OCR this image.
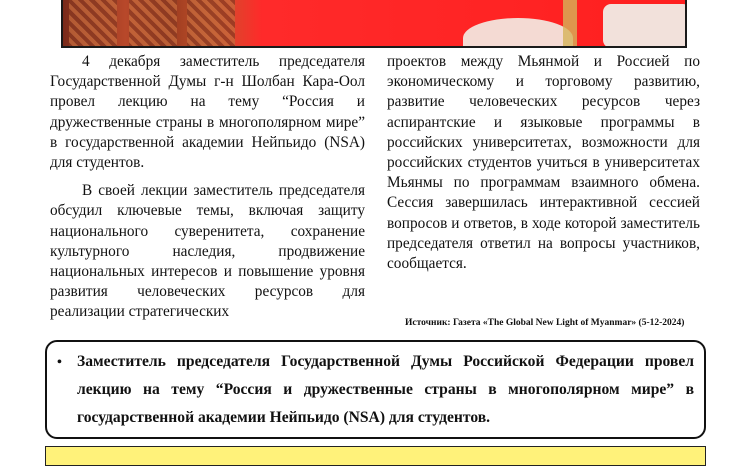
4 декабря заместитель председателя Государственной Думы г-н Шолбан Кара-Оол провел лекцию на тему “Россия и дружественные страны в многополярном мире” в государственной академии Нейпьидо (NSA) для студентов.

В своей лекции заместитель председателя обсудил ключевые темы, включая защиту национального суверенитета, сохранение культурного наследия, продвижение национальных интересов и повышение уровня развития человеческих ресурсов для реализации стратегических

проектов между Мьянмой и Россией по экономическому и торговому развитию, развитие человеческих ресурсов через аспирантские и языковые программы в российских университетах, возможности для российских студентов учиться в университетах Мьянмы по программам взаимного обмена. Сессия завершилась интерактивной сессией вопросов и ответов, в ходе которой заместитель председателя ответил на вопросы участников, сообщается.

Источник: Газета «The Global New Light of Myanmar» (5-12-2024)
• Заместитель председателя Государственной Думы Российской Федерации провел лекцию на тему “Россия и дружественные страны в многополярном мире” в государственной академии Нейпьидо (NSA) для студентов.
